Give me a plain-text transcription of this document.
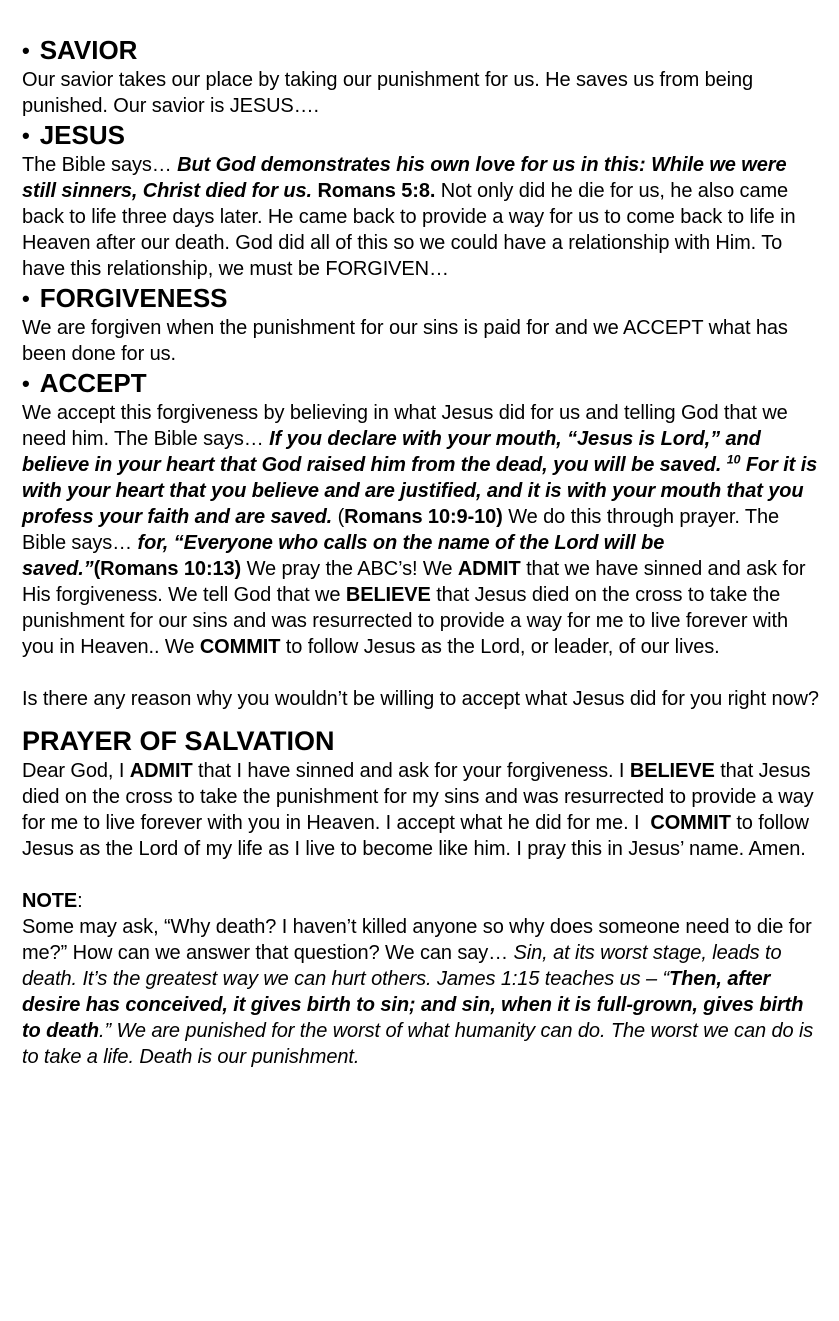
• SAVIOR
Our savior takes our place by taking our punishment for us. He saves us from being punished. Our savior is JESUS….
• JESUS
The Bible says… But God demonstrates his own love for us in this: While we were still sinners, Christ died for us. Romans 5:8. Not only did he die for us, he also came back to life three days later. He came back to provide a way for us to come back to life in Heaven after our death. God did all of this so we could have a relationship with Him. To have this relationship, we must be FORGIVEN…
• FORGIVENESS
We are forgiven when the punishment for our sins is paid for and we ACCEPT what has been done for us.
• ACCEPT
We accept this forgiveness by believing in what Jesus did for us and telling God that we need him. The Bible says… If you declare with your mouth, “Jesus is Lord,” and believe in your heart that God raised him from the dead, you will be saved. $^{10}$ For it is with your heart that you believe and are justified, and it is with your mouth that you profess your faith and are saved. (Romans 10:9-10) We do this through prayer. The Bible says… for, “Everyone who calls on the name of the Lord will be saved.”(Romans 10:13) We pray the ABC’s! We ADMIT that we have sinned and ask for His forgiveness. We tell God that we BELIEVE that Jesus died on the cross to take the punishment for our sins and was resurrected to provide a way for me to live forever with you in Heaven.. We COMMIT to follow Jesus as the Lord, or leader, of our lives.
Is there any reason why you wouldn’t be willing to accept what Jesus did for you right now?
PRAYER OF SALVATION
Dear God, I ADMIT that I have sinned and ask for your forgiveness. I BELIEVE that Jesus died on the cross to take the punishment for my sins and was resurrected to provide a way for me to live forever with you in Heaven. I accept what he did for me. I  COMMIT to follow Jesus as the Lord of my life as I live to become like him. I pray this in Jesus’ name. Amen.
NOTE:
Some may ask, “Why death? I haven’t killed anyone so why does someone need to die for me?” How can we answer that question? We can say… Sin, at its worst stage, leads to death. It’s the greatest way we can hurt others. James 1:15 teaches us – “Then, after desire has conceived, it gives birth to sin; and sin, when it is full-grown, gives birth to death.” We are punished for the worst of what humanity can do. The worst we can do is to take a life. Death is our punishment.
